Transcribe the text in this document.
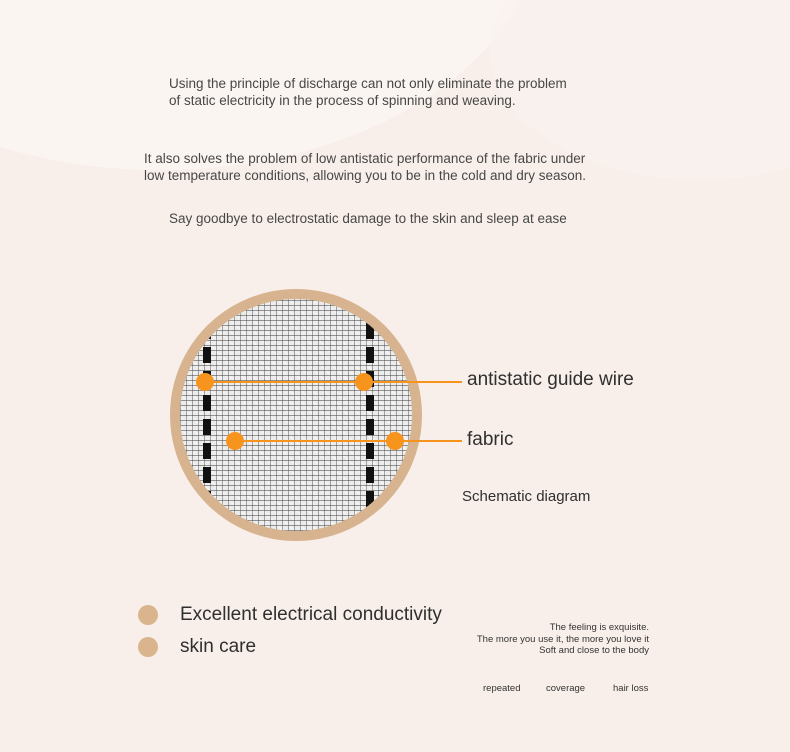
Using the principle of discharge can not only eliminate the problem
of static electricity in the process of spinning and weaving.
It also solves the problem of low antistatic performance of the fabric under
low temperature conditions, allowing you to be in the cold and dry season.
Say goodbye to electrostatic damage to the skin and sleep at ease
antistatic guide wire
fabric
Schematic diagram
Excellent electrical conductivity
skin care
The feeling is exquisite.
The more you use it, the more you love it
Soft and close to the body
repeated	coverage	hair loss
